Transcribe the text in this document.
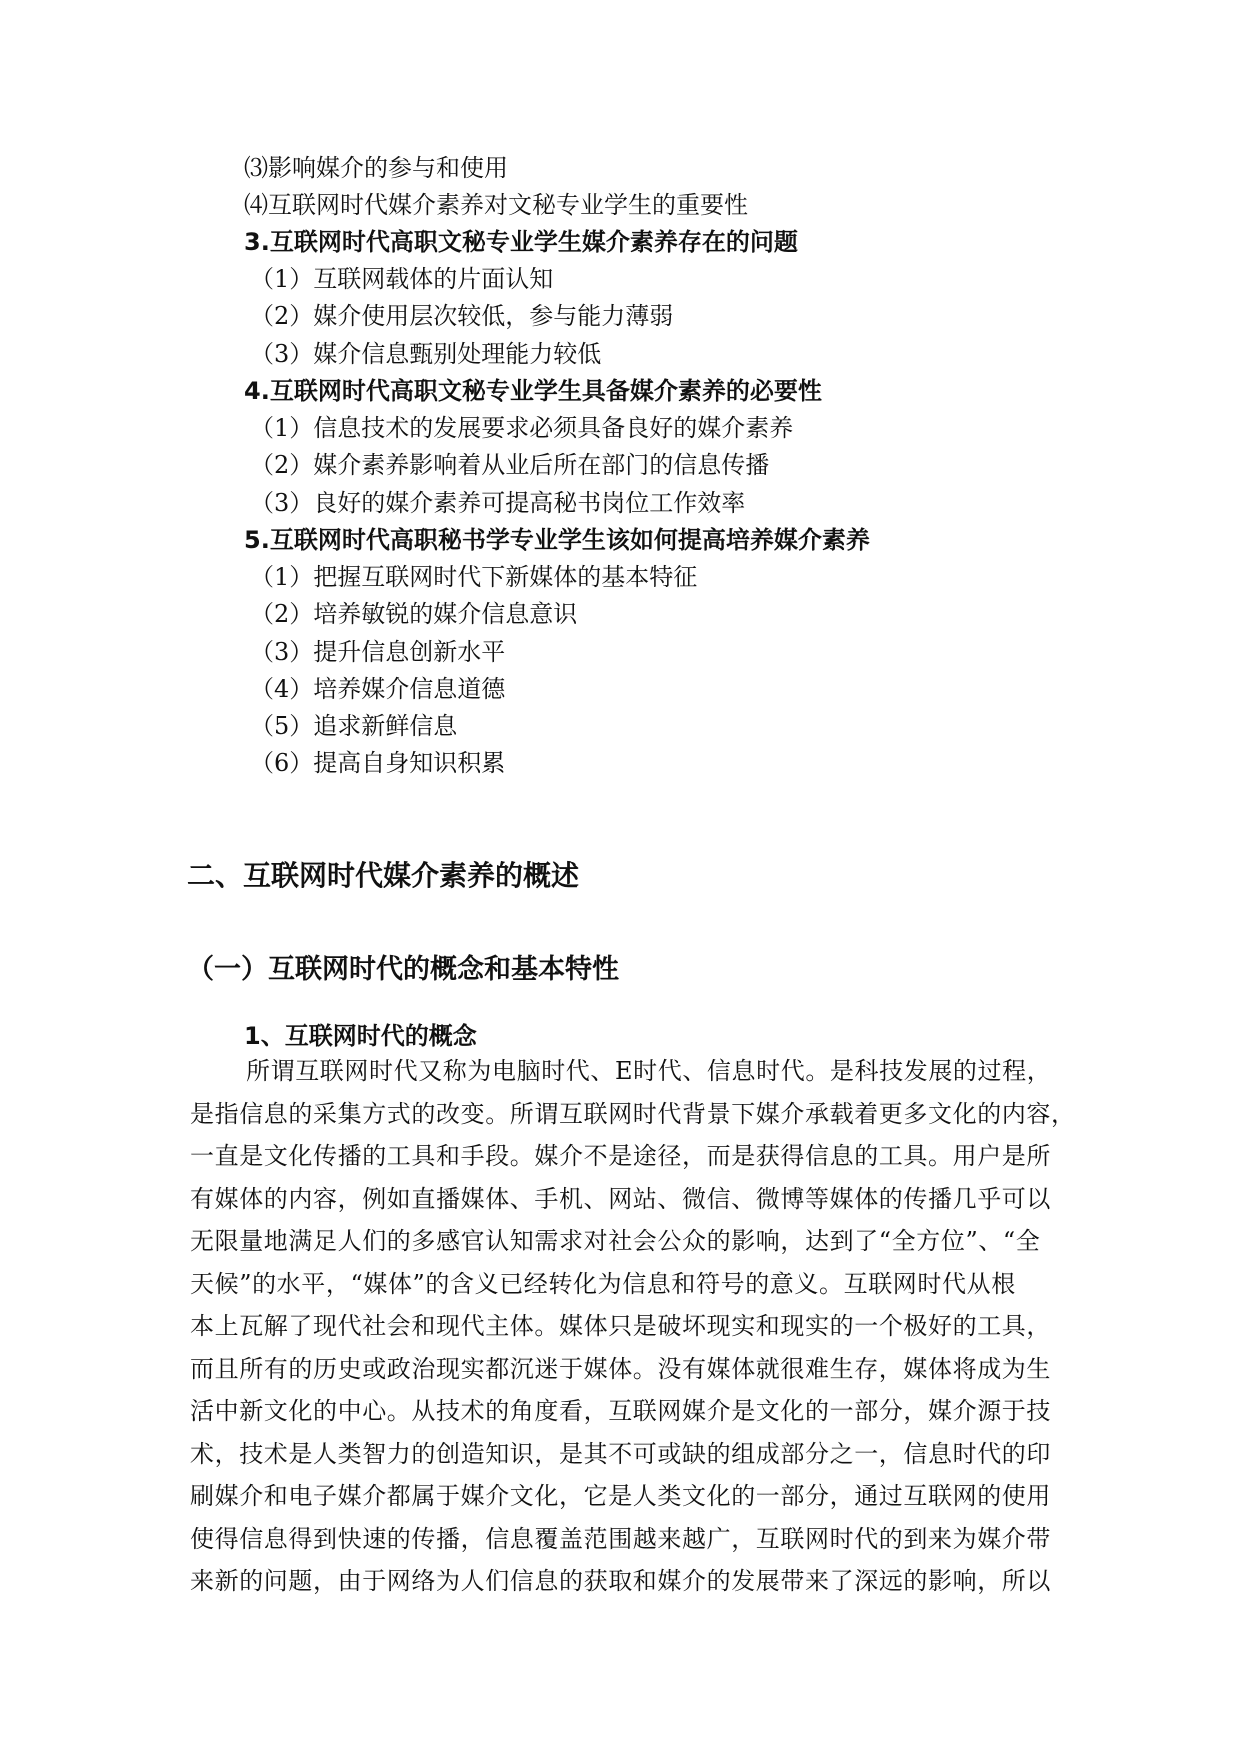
⑶影响媒介的参与和使用
⑷互联网时代媒介素养对文秘专业学生的重要性
3.互联网时代高职文秘专业学生媒介素养存在的问题
（1）互联网载体的片面认知
（2）媒介使用层次较低，参与能力薄弱
（3）媒介信息甄别处理能力较低
4.互联网时代高职文秘专业学生具备媒介素养的必要性
（1）信息技术的发展要求必须具备良好的媒介素养
（2）媒介素养影响着从业后所在部门的信息传播
（3）良好的媒介素养可提高秘书岗位工作效率
5.互联网时代高职秘书学专业学生该如何提高培养媒介素养
（1）把握互联网时代下新媒体的基本特征
（2）培养敏锐的媒介信息意识
（3）提升信息创新水平
（4）培养媒介信息道德
（5）追求新鲜信息
（6）提高自身知识积累
二、互联网时代媒介素养的概述
（一）互联网时代的概念和基本特性
1、互联网时代的概念
所谓互联网时代又称为电脑时代、E时代、信息时代。是科技发展的过程，
是指信息的采集方式的改变。所谓互联网时代背景下媒介承载着更多文化的内容，
一直是文化传播的工具和手段。媒介不是途径，而是获得信息的工具。用户是所
有媒体的内容，例如直播媒体、手机、网站、微信、微博等媒体的传播几乎可以
无限量地满足人们的多感官认知需求对社会公众的影响，达到了“全方位”、“全
天候”的水平，“媒体”的含义已经转化为信息和符号的意义。互联网时代从根
本上瓦解了现代社会和现代主体。媒体只是破坏现实和现实的一个极好的工具，
而且所有的历史或政治现实都沉迷于媒体。没有媒体就很难生存，媒体将成为生
活中新文化的中心。从技术的角度看，互联网媒介是文化的一部分，媒介源于技
术，技术是人类智力的创造知识，是其不可或缺的组成部分之一，信息时代的印
刷媒介和电子媒介都属于媒介文化，它是人类文化的一部分，通过互联网的使用
使得信息得到快速的传播，信息覆盖范围越来越广，互联网时代的到来为媒介带
来新的问题，由于网络为人们信息的获取和媒介的发展带来了深远的影响，所以
